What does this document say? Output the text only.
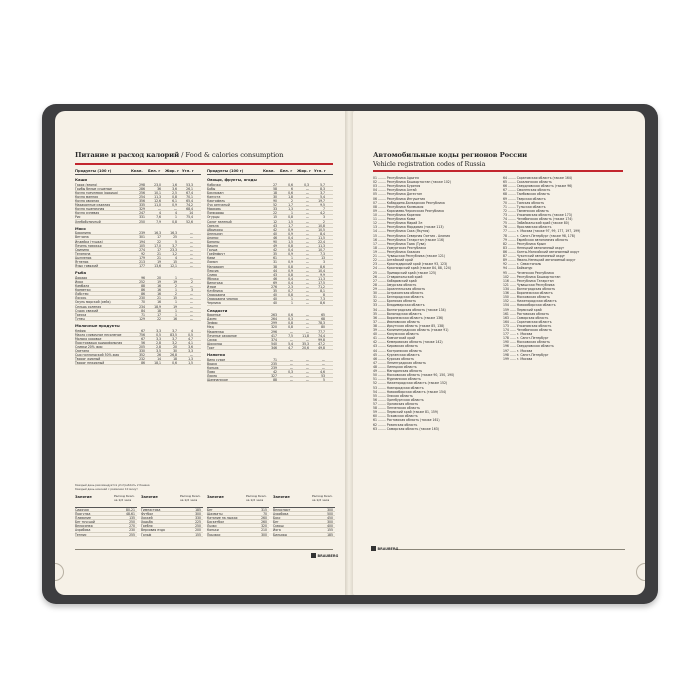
Питание и расход калорий / Food & calories consumption
Продукты (100 г)	Ккал.	Бел. г	Жир. г Угл. г
Каши
Гарох (зерно)	298	23,0	1,6	53,3
Грибы белые сушеные	286	36	3,6	26,1
Крупа гречневая (ядрица)	256	10,1	2,5	67,4
Крупа манная	254	11,3	0,8	70,1
Крупа овсяная	356	12,6	6,1	65,4
Макаронные изделия	335	11,0	0,9	74,2
Крупа пшеничная	329	—	—	68,4
Крупа ячневая	247	4	4	14
Рис	331	7,6	1	75,4
Хлебобулочный	250	7,9	0,8	52,6
Мясо
Баранина	239	16,3	16,3	—
Ветчина	301	17	25	—
Индейка (тушка)	194	22	5	—
Печень говяжья	105	17,0	3,7	—
Свинина	274	17	23,3	—
Телятина	92	21	1,2	—
Цыпленок	179	21	4	—
Ягненок	213	19	15	—
Язык говяжий	177	13,6	12,1	—
Рыба
Дорадо	96	20	1	—
Икра	252	19	19	2
Камбала	88	16	2	—
Креветки	86	16	1	3
Лобстер	86	16	2	—
Лосось	230	21	15	—
Окунь морской (хейк)	70	16	1	—
Сельдь соленая	234	18,9	19	—
Судак свежий	84	18	1	—
Треска	71	17	1	—
Тунец	129	22	16	—
Молочные продукты
Кефир	67	3,3	3,7	4
Масло сливочное несоленое	756	0,5	83,5	0,5
Молоко коровье	67	3,3	3,7	4,7
Простокваша ацидофильная	56	2,8	3,2	4,1
Сливки 20% жир	205	2,8	20	3,6
Сметана	330	3,5	30	3,3
Сыр голландский 50% жир	352	26	26,8	—
Творог жирный	232	14	18	1,3
Творог нежирный	86	18,1	0,6	1,5
Продукты (100 г)	Ккал.	Бел. г	Жир. г Угл. г
Овощи, фрукты, ягоды
Кабачки	27	0,6	0,3	5,7
Бобы	58	6	—	8,3
Баклажан	18	0,6	—	3,7
Капуста	30	1,8	—	5,4
Картофель	90	2	—	19,7
Лук репчатый	52	1,7	—	9,5
Морковь	33	1,3	—	7
Помидоры	22	1	—	4,2
Огурцы	15	0,8	—	3
Салат зеленый	12	1,5	—	2
Свекла	43	1,7	—	10,8
Абрикосы	42	0,9	—	10,5
Апельсин	40	0,9	—	8,4
Ананас	46	0,4	—	11,5
Бананы	90	1,5	—	22,4
Вишня	49	0,8	—	11,3
Груша	42	0,4	—	10,7
Грейпфрут	35	0,9	—	7,3
Киви	61	1	—	13
Лимон	31	0,9	—	3
Мандарин	38	0,8	—	8,6
Персик	44	0,9	—	10,4
Слива	43	0,8	—	9,9
Яблоко	46	0,4	—	11,3
Виноград	69	0,4	—	17,5
Изюм	276	2,3	—	71,2
Клубника	35	0,7	—	8,1
Смородина	40	0,8	—	8
Смородина черная	40	1	—	7,3
Черника	40	1	—	8,6
Сладости
Варенье	263	0,6	—	65
Джем	264	0,3	—	68
Зефир	299	0,8	—	78,3
Мед	320	0,8	—	80
Мармелад	296	—	—	77,7
Печенье сахарное	417	7,5	11,8	74,4
Сахар	374	—	—	99,8
Шоколад	540	5,4	35,3	47,2
Торт	346	4,7	20,6	49,8
Напитки
Вино сухое	71	—	—	—
Водка	235	—	—	—
Коньяк	239	—	—	—
Пиво	42	0,3	—	4,6
Ликер	327	—	—	53
Шампанское	88	—	—	5
Занятие	Расход Ккал. за 1/2 часа
Сидячая	80-21
Прогулка	48-61
Плавание	135
Бег трусцой	250
Велосипед	270
Аэробика	230
Теннис	255
Занятие	Расход Ккал. за 1/2 часа
Гимнастика	185
Футбол	300
Хоккей	330
Ходьба	225
Гребля	250
Верховая езда	200
Гольф	155
Занятие	Расход Ккал. за 1/2 часа
Бег	315
Шахматы	70
Катание на лыжах	260
Баскетбол	260
Лыжи	320
Коньки	210
Прыжки	300
Занятие	Расход Ккал. за 1/2 часа
Велоспорт	300
Аэробика	500
Бокс	450
Бег	300
Сквош	400
Йога	155
Бильярд	185
Каждый день рекомендуется употреблять 2 банана
Каждый день начинай с разминки 10 минут
BRAUBERG
Автомобильные коды регионов России
Vehicle registration codes of Russia
01 ........ Республика Адыгея
02 ........ Республика Башкортостан (также 102)
03 ........ Республика Бурятия
04 ........ Республика Алтай
05 ........ Республика Дагестан
06 ........ Республика Ингушетия
07 ........ Кабардино-Балкарская Республика
08 ........ Республика Калмыкия
09 ........ Карачаево-Черкесская Республика
10 ........ Республика Карелия
11 ........ Республика Коми
12 ........ Республика Марий Эл
13 ........ Республика Мордовия (также 113)
14 ........ Республика Саха (Якутия)
15 ........ Республика Северная Осетия - Алания
16 ........ Республика Татарстан (также 116)
17 ........ Республика Тыва (Тува)
18 ........ Удмуртская Республика
19 ........ Республика Хакасия
21 ........ Чувашская Республика (также 121)
22 ........ Алтайский край
23 ........ Краснодарский край (также 93, 123)
24 ........ Красноярский край (также 84, 88, 124)
25 ........ Приморский край (также 125)
26 ........ Ставропольский край
27 ........ Хабаровский край
28 ........ Амурская область
29 ........ Архангельская область
30 ........ Астраханская область
31 ........ Белгородская область
32 ........ Брянская область
33 ........ Владимирская область
34 ........ Волгоградская область (также 134)
35 ........ Вологодская область
36 ........ Воронежская область (также 136)
37 ........ Ивановская область
38 ........ Иркутская область (также 85, 138)
39 ........ Калининградская область (также 91)
40 ........ Калужская область
41 ........ Камчатский край
42 ........ Кемеровская область (также 142)
43 ........ Кировская область
44 ........ Костромская область
45 ........ Курганская область
46 ........ Курская область
47 ........ Ленинградская область
48 ........ Липецкая область
49 ........ Магаданская область
50 ........ Московская область (также 90, 150, 190)
51 ........ Мурманская область
52 ........ Нижегородская область (также 152)
53 ........ Новгородская область
54 ........ Новосибирская область (также 154)
55 ........ Омская область
56 ........ Оренбургская область
57 ........ Орловская область
58 ........ Пензенская область
59 ........ Пермский край (также 81, 159)
60 ........ Псковская область
61 ........ Ростовская область (также 161)
62 ........ Рязанская область
63 ........ Самарская область (также 163)
64 ........ Саратовская область (также 164)
65 ........ Сахалинская область
66 ........ Свердловская область (также 96)
67 ........ Смоленская область
68 ........ Тамбовская область
69 ........ Тверская область
70 ........ Томская область
71 ........ Тульская область
72 ........ Тюменская область
73 ........ Ульяновская область (также 173)
74 ........ Челябинская область (также 174)
75 ........ Забайкальский край (также 80)
76 ........ Ярославская область
77 ........ г. Москва (также 97, 99, 177, 197, 199)
78 ........ г. Санкт-Петербург (также 98, 178)
79 ........ Еврейская автономная область
82 ........ Республика Крым
83 ........ Ненецкий автономный округ
86 ........ Ханты-Мансийский автономный округ
87 ........ Чукотский автономный округ
89 ........ Ямало-Ненецкий автономный округ
92 ........ г. Севастополь
94 ........ Байконур
95 ........ Чеченская Республика
102 ...... Республика Башкортостан
116 ...... Республика Татарстан
121 ...... Чувашская Республика
134 ...... Волгоградская область
136 ...... Воронежская область
150 ...... Московская область
152 ...... Нижегородская область
154 ...... Новосибирская область
159 ...... Пермский край
161 ...... Ростовская область
163 ...... Самарская область
164 ...... Саратовская область
173 ...... Ульяновская область
174 ...... Челябинская область
177 ...... г. Москва
178 ...... г. Санкт-Петербург
190 ...... Московская область
196 ...... Свердловская область
197 ...... г. Москва
198 ...... г. Санкт-Петербург
199 ...... г. Москва
BRAUBERG
